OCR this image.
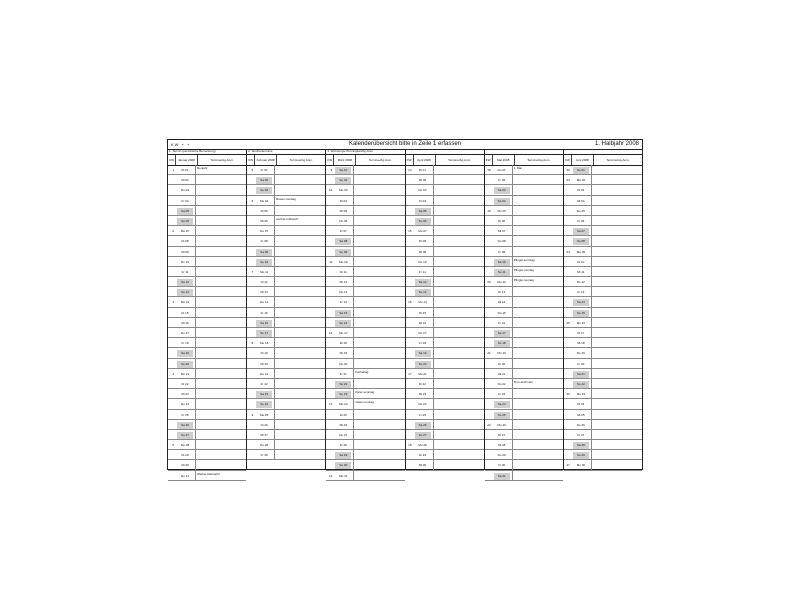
KW + +	Kalenderübersicht bitte in Zeile 1 erfassen	1. Halbjahr 2008
1. Termin (persönliche Bemerkung)
KW	Januar 2008	Termine/Ag.Anm.
1	Di 01	Neujahr
Mi 02
Do 03
Fr 04
Sa 05
So 06
2	Mo 07
Di 08
Mi 09
Do 10
Fr 11
Sa 12
So 13
3	Mo 14
Di 15
Mi 16
Do 17
Fr 18
Sa 19
So 20
4	Mo 21
Di 22
Mi 23
Do 24
Fr 25
Sa 26
So 27
5	Mo 28
Di 29
Mi 30
Do 31	Weiber-fastnacht
2. Wochentermine
KW	Februar 2008	Termine/Ag.Anm.
5	Fr 01
Sa 02
So 03
6	Mo 04	Rosen-montag
Di 05
Mi 06	Ascher-mittwoch
Do 07
Fr 08
Sa 09
So 10
7	Mo 11
Di 12
Mi 13
Do 14
Fr 15
Sa 16
So 17
8	Mo 18
Di 19
Mi 20
Do 21
Fr 22
Sa 23
So 24
9	Mo 25
Di 26
Mi 27
Do 28
Fr 29
3. Wohnungs-/Terminplan/Ag.Anm.
KW	März 2008	Termine/Ag.Anm.
9	Sa 01
So 02
10	Mo 03
Di 04
Mi 05
Do 06
Fr 07
Sa 08
So 09
11	Mo 10
Di 11
Mi 12
Do 13
Fr 14
Sa 15
So 16
12	Mo 17
Di 18
Mi 19
Do 20
Fr 21	Karfreitag
Sa 22
So 23	Oster-sonntag
13	Mo 24	Oster-montag
Di 25
Mi 26
Do 27
Fr 28
Sa 29
So 30
14	Mo 31
KW	April 2008	Termine/Ag.Anm.
14	Di 01
Mi 02
Do 03
Fr 04
Sa 05
So 06
15	Mo 07
Di 08
Mi 09
Do 10
Fr 11
Sa 12
So 13
16	Mo 14
Di 15
Mi 16
Do 17
Fr 18
Sa 19
So 20
17	Mo 21
Di 22
Mi 23
Do 24
Fr 25
Sa 26
So 27
18	Mo 28
Di 29
Mi 30
KW	Mai 2008	Termine/Ag.Anm.
18	Do 01	1. Mai
Fr 02
Sa 03
So 04
19	Mo 05
Di 06
Mi 07
Do 08
Fr 09
Sa 10	Pfingst-sonntag
So 11	Pfingst-montag
20	Mo 12	Pfingst-montag
Di 13
Mi 14
Do 15
Fr 16
Sa 17
So 18
21	Mo 19
Di 20
Mi 21
Do 22	Fron-leichnam
Fr 23
Sa 24
So 25
22	Mo 26
Di 27
Mi 28
Do 29
Fr 30
Sa 31
KW	Juni 2008	Termine/Ag.Anm.
22	So 01
23	Mo 02
Di 03
Mi 04
Do 05
Fr 06
Sa 07
So 08
24	Mo 09
Di 10
Mi 11
Do 12
Fr 13
Sa 14
So 15
25	Mo 16
Di 17
Mi 18
Do 19
Fr 20
Sa 21
So 22
26	Mo 23
Di 24
Mi 25
Do 26
Fr 27
Sa 28
So 29
27	Mo 30
